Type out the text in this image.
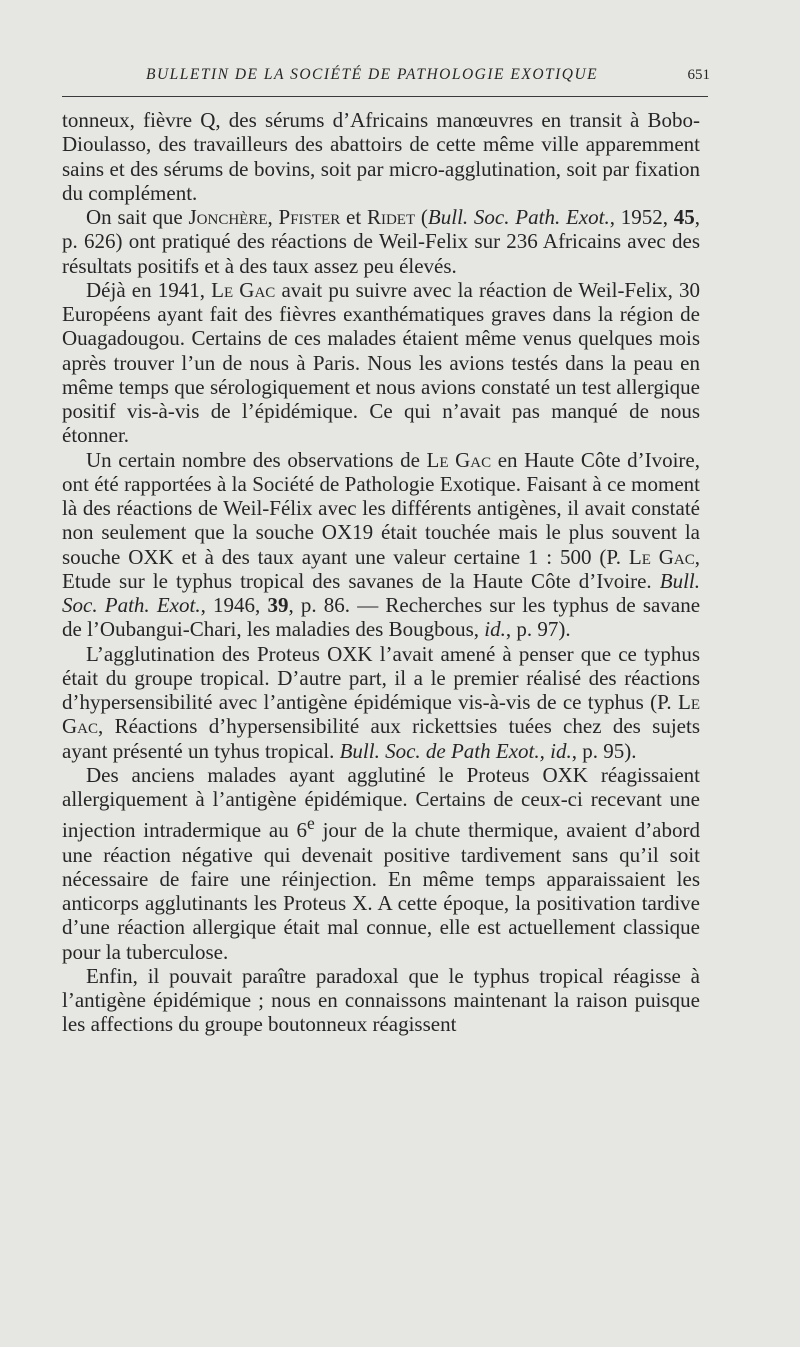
BULLETIN DE LA SOCIÉTÉ DE PATHOLOGIE EXOTIQUE	651

tonneux, fièvre Q, des sérums d’Africains manœuvres en transit à Bobo-Dioulasso, des travailleurs des abattoirs de cette même ville apparemment sains et des sérums de bovins, soit par micro-agglutination, soit par fixation du complément.

On sait que Jonchère, Pfister et Ridet (Bull. Soc. Path. Exot., 1952, 45, p. 626) ont pratiqué des réactions de Weil-Felix sur 236 Africains avec des résultats positifs et à des taux assez peu élevés.

Déjà en 1941, Le Gac avait pu suivre avec la réaction de Weil-Felix, 30 Européens ayant fait des fièvres exanthématiques graves dans la région de Ouagadougou. Certains de ces malades étaient même venus quelques mois après trouver l’un de nous à Paris. Nous les avions testés dans la peau en même temps que sérologiquement et nous avions constaté un test allergique positif vis-à-vis de l’épidémique. Ce qui n’avait pas manqué de nous étonner.

Un certain nombre des observations de Le Gac en Haute Côte d’Ivoire, ont été rapportées à la Société de Pathologie Exotique. Faisant à ce moment là des réactions de Weil-Félix avec les différents antigènes, il avait constaté non seulement que la souche OX19 était touchée mais le plus souvent la souche OXK et à des taux ayant une valeur certaine 1 : 500 (P. Le Gac, Etude sur le typhus tropical des savanes de la Haute Côte d’Ivoire. Bull. Soc. Path. Exot., 1946, 39, p. 86. — Recherches sur les typhus de savane de l’Oubangui-Chari, les maladies des Bougbous, id., p. 97).

L’agglutination des Proteus OXK l’avait amené à penser que ce typhus était du groupe tropical. D’autre part, il a le premier réalisé des réactions d’hypersensibilité avec l’antigène épidémique vis-à-vis de ce typhus (P. Le Gac, Réactions d’hypersensibilité aux rickettsies tuées chez des sujets ayant présenté un tyhus tropical. Bull. Soc. de Path Exot., id., p. 95).

Des anciens malades ayant agglutiné le Proteus OXK réagissaient allergiquement à l’antigène épidémique. Certains de ceux-ci recevant une injection intradermique au 6e jour de la chute thermique, avaient d’abord une réaction négative qui devenait positive tardivement sans qu’il soit nécessaire de faire une réinjection. En même temps apparaissaient les anticorps agglutinants les Proteus X. A cette époque, la positivation tardive d’une réaction allergique était mal connue, elle est actuellement classique pour la tuberculose.

Enfin, il pouvait paraître paradoxal que le typhus tropical réagisse à l’antigène épidémique ; nous en connaissons maintenant la raison puisque les affections du groupe boutonneux réagissent
